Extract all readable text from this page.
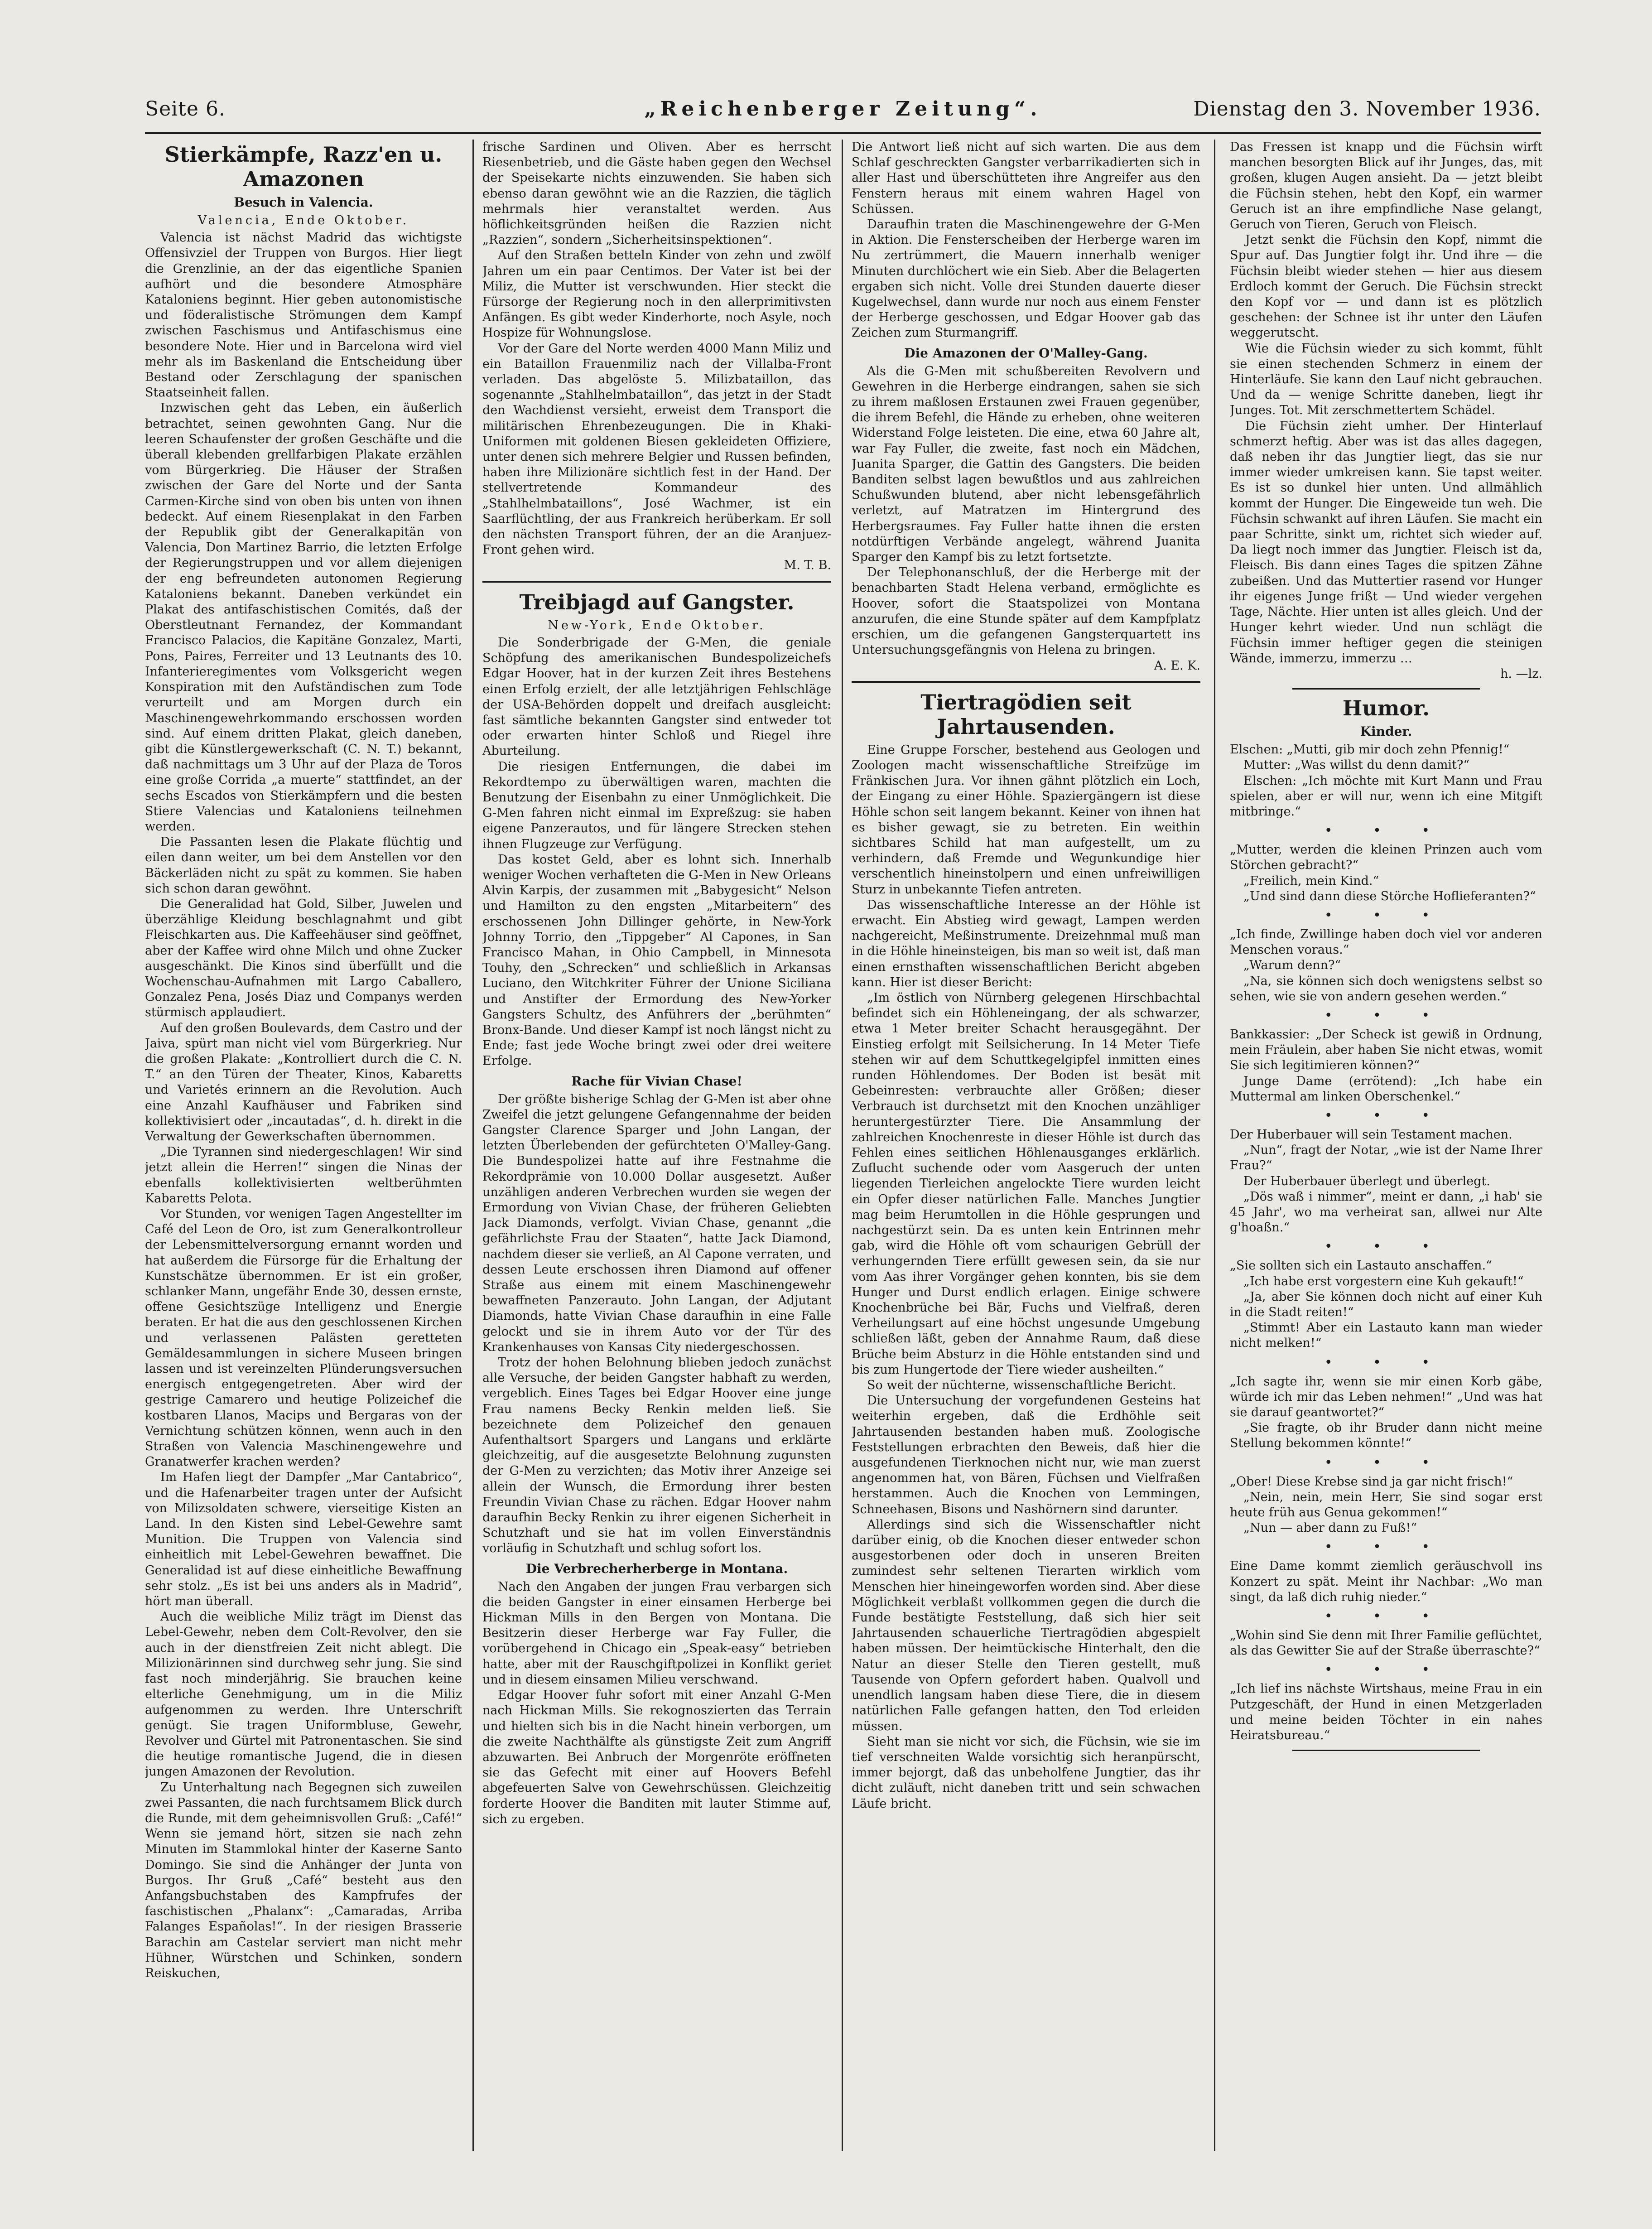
Seite 6.	„Reichenberger Zeitung“.	Dienstag den 3. November 1936.
Stierkämpfe, Razz'en u. Amazonen
Besuch in Valencia.
Valencia, Ende Oktober.

Valencia ist nächst Madrid das wichtigste Offensivziel der Truppen von Burgos. Hier liegt die Grenzlinie, an der das eigentliche Spanien aufhört und die besondere Atmosphäre Kataloniens beginnt. Hier geben autonomistische und föderalistische Strömungen dem Kampf zwischen Faschismus und Antifaschismus eine besondere Note. Hier und in Barcelona wird viel mehr als im Baskenland die Entscheidung über Bestand oder Zerschlagung der spanischen Staatseinheit fallen.

Inzwischen geht das Leben, ein äußerlich betrachtet, seinen gewohnten Gang. Nur die leeren Schaufenster der großen Geschäfte und die überall klebenden grellfarbigen Plakate erzählen vom Bürgerkrieg. Die Häuser der Straßen zwischen der Gare del Norte und der Santa Carmen-Kirche sind von oben bis unten von ihnen bedeckt. Auf einem Riesenplakat in den Farben der Republik gibt der Generalkapitän von Valencia, Don Martinez Barrio, die letzten Erfolge der Regierungstruppen und vor allem diejenigen der eng befreundeten autonomen Regierung Kataloniens bekannt. Daneben verkündet ein Plakat des antifaschistischen Comités, daß der Oberstleutnant Fernandez, der Kommandant Francisco Palacios, die Kapitäne Gonzalez, Marti, Pons, Paires, Ferreiter und 13 Leutnants des 10. Infanterieregimentes vom Volksgericht wegen Konspiration mit den Aufständischen zum Tode verurteilt und am Morgen durch ein Maschinengewehrkommando erschossen worden sind. Auf einem dritten Plakat, gleich daneben, gibt die Künstlergewerkschaft (C. N. T.) bekannt, daß nachmittags um 3 Uhr auf der Plaza de Toros eine große Corrida „a muerte“ stattfindet, an der sechs Escados von Stierkämpfern und die besten Stiere Valencias und Kataloniens teilnehmen werden.

Die Passanten lesen die Plakate flüchtig und eilen dann weiter, um bei dem Anstellen vor den Bäckerläden nicht zu spät zu kommen. Sie haben sich schon daran gewöhnt.

Die Generalidad hat Gold, Silber, Juwelen und überzählige Kleidung beschlagnahmt und gibt Fleischkarten aus. Die Kaffeehäuser sind geöffnet, aber der Kaffee wird ohne Milch und ohne Zucker ausgeschänkt. Die Kinos sind überfüllt und die Wochenschau-Aufnahmen mit Largo Caballero, Gonzalez Pena, Josés Diaz und Companys werden stürmisch applaudiert.

Auf den großen Boulevards, dem Castro und der Jaiva, spürt man nicht viel vom Bürgerkrieg. Nur die großen Plakate: „Kontrolliert durch die C. N. T.“ an den Türen der Theater, Kinos, Kabaretts und Varietés erinnern an die Revolution. Auch eine Anzahl Kaufhäuser und Fabriken sind kollektivisiert oder „incautadas“, d. h. direkt in die Verwaltung der Gewerkschaften übernommen.

„Die Tyrannen sind niedergeschlagen! Wir sind jetzt allein die Herren!“ singen die Ninas der ebenfalls kollektivisierten weltberühmten Kabaretts Pelota.

Vor Stunden, vor wenigen Tagen Angestellter im Café del Leon de Oro, ist zum Generalkontrolleur der Lebensmittelversorgung ernannt worden und hat außerdem die Fürsorge für die Erhaltung der Kunstschätze übernommen. Er ist ein großer, schlanker Mann, ungefähr Ende 30, dessen ernste, offene Gesichtszüge Intelligenz und Energie beraten. Er hat die aus den geschlossenen Kirchen und verlassenen Palästen geretteten Gemäldesammlungen in sichere Museen bringen lassen und ist vereinzelten Plünderungsversuchen energisch entgegengetreten. Aber wird der gestrige Camarero und heutige Polizeichef die kostbaren Llanos, Macips und Bergaras von der Vernichtung schützen können, wenn auch in den Straßen von Valencia Maschinengewehre und Granatwerfer krachen werden?

Im Hafen liegt der Dampfer „Mar Cantabrico“, und die Hafenarbeiter tragen unter der Aufsicht von Milizsoldaten schwere, vierseitige Kisten an Land. In den Kisten sind Lebel-Gewehre samt Munition. Die Truppen von Valencia sind einheitlich mit Lebel-Gewehren bewaffnet. Die Generalidad ist auf diese einheitliche Bewaffnung sehr stolz. „Es ist bei uns anders als in Madrid“, hört man überall.

Auch die weibliche Miliz trägt im Dienst das Lebel-Gewehr, neben dem Colt-Revolver, den sie auch in der dienstfreien Zeit nicht ablegt. Die Milizionärinnen sind durchweg sehr jung. Sie sind fast noch minderjährig. Sie brauchen keine elterliche Genehmigung, um in die Miliz aufgenommen zu werden. Ihre Unterschrift genügt. Sie tragen Uniformbluse, Gewehr, Revolver und Gürtel mit Patronentaschen. Sie sind die heutige romantische Jugend, die in diesen jungen Amazonen der Revolution.

Zu Unterhaltung nach Begegnen sich zuweilen zwei Passanten, die nach furchtsamem Blick durch die Runde, mit dem geheimnisvollen Gruß: „Café!“ Wenn sie jemand hört, sitzen sie nach zehn Minuten im Stammlokal hinter der Kaserne Santo Domingo. Sie sind die Anhänger der Junta von Burgos. Ihr Gruß „Café“ besteht aus den Anfangsbuchstaben des Kampfrufes der faschistischen „Phalanx“: „Camaradas, Arriba Falanges Españolas!“. In der riesigen Brasserie Barachin am Castelar serviert man nicht mehr Hühner, Würstchen und Schinken, sondern Reiskuchen,

frische Sardinen und Oliven. Aber es herrscht Riesenbetrieb, und die Gäste haben gegen den Wechsel der Speisekarte nichts einzuwenden. Sie haben sich ebenso daran gewöhnt wie an die Razzien, die täglich mehrmals hier veranstaltet werden. Aus höflichkeitsgründen heißen die Razzien nicht „Razzien“, sondern „Sicherheitsinspektionen“.

Auf den Straßen betteln Kinder von zehn und zwölf Jahren um ein paar Centimos. Der Vater ist bei der Miliz, die Mutter ist verschwunden. Hier steckt die Fürsorge der Regierung noch in den allerprimitivsten Anfängen. Es gibt weder Kinderhorte, noch Asyle, noch Hospize für Wohnungslose.

Vor der Gare del Norte werden 4000 Mann Miliz und ein Bataillon Frauenmiliz nach der Villalba-Front verladen. Das abgelöste 5. Milizbataillon, das sogenannte „Stahlhelmbataillon“, das jetzt in der Stadt den Wachdienst versieht, erweist dem Transport die militärischen Ehrenbezeugungen. Die in Khaki-Uniformen mit goldenen Biesen gekleideten Offiziere, unter denen sich mehrere Belgier und Russen befinden, haben ihre Milizionäre sichtlich fest in der Hand. Der stellvertretende Kommandeur des „Stahlhelmbataillons“, José Wachmer, ist ein Saarflüchtling, der aus Frankreich herüberkam. Er soll den nächsten Transport führen, der an die Aranjuez-Front gehen wird.

M. T. B.

Treibjagd auf Gangster.
New-York, Ende Oktober.

Die Sonderbrigade der G-Men, die geniale Schöpfung des amerikanischen Bundespolizeichefs Edgar Hoover, hat in der kurzen Zeit ihres Bestehens einen Erfolg erzielt, der alle letztjährigen Fehlschläge der USA-Behörden doppelt und dreifach ausgleicht: fast sämtliche bekannten Gangster sind entweder tot oder erwarten hinter Schloß und Riegel ihre Aburteilung.

Die riesigen Entfernungen, die dabei im Rekordtempo zu überwältigen waren, machten die Benutzung der Eisenbahn zu einer Unmöglichkeit. Die G-Men fahren nicht einmal im Expreßzug: sie haben eigene Panzerautos, und für längere Strecken stehen ihnen Flugzeuge zur Verfügung.

Das kostet Geld, aber es lohnt sich. Innerhalb weniger Wochen verhafteten die G-Men in New Orleans Alvin Karpis, der zusammen mit „Babygesicht“ Nelson und Hamilton zu den engsten „Mitarbeitern“ des erschossenen John Dillinger gehörte, in New-York Johnny Torrio, den „Tippgeber“ Al Capones, in San Francisco Mahan, in Ohio Campbell, in Minnesota Touhy, den „Schrecken“ und schließlich in Arkansas Luciano, den Witchkriter Führer der Unione Siciliana und Anstifter der Ermordung des New-Yorker Gangsters Schultz, des Anführers der „berühmten“ Bronx-Bande. Und dieser Kampf ist noch längst nicht zu Ende; fast jede Woche bringt zwei oder drei weitere Erfolge.

Rache für Vivian Chase!

Der größte bisherige Schlag der G-Men ist aber ohne Zweifel die jetzt gelungene Gefangennahme der beiden Gangster Clarence Sparger und John Langan, der letzten Überlebenden der gefürchteten O'Malley-Gang. Die Bundespolizei hatte auf ihre Festnahme die Rekordprämie von 10.000 Dollar ausgesetzt. Außer unzähligen anderen Verbrechen wurden sie wegen der Ermordung von Vivian Chase, der früheren Geliebten Jack Diamonds, verfolgt. Vivian Chase, genannt „die gefährlichste Frau der Staaten“, hatte Jack Diamond, nachdem dieser sie verließ, an Al Capone verraten, und dessen Leute erschossen ihren Diamond auf offener Straße aus einem mit einem Maschinengewehr bewaffneten Panzerauto. John Langan, der Adjutant Diamonds, hatte Vivian Chase daraufhin in eine Falle gelockt und sie in ihrem Auto vor der Tür des Krankenhauses von Kansas City niedergeschossen.

Trotz der hohen Belohnung blieben jedoch zunächst alle Versuche, der beiden Gangster habhaft zu werden, vergeblich. Eines Tages bei Edgar Hoover eine junge Frau namens Becky Renkin melden ließ. Sie bezeichnete dem Polizeichef den genauen Aufenthaltsort Spargers und Langans und erklärte gleichzeitig, auf die ausgesetzte Belohnung zugunsten der G-Men zu verzichten; das Motiv ihrer Anzeige sei allein der Wunsch, die Ermordung ihrer besten Freundin Vivian Chase zu rächen. Edgar Hoover nahm daraufhin Becky Renkin zu ihrer eigenen Sicherheit in Schutzhaft und sie hat im vollen Einverständnis vorläufig in Schutzhaft und schlug sofort los.

Die Verbrecherherberge in Montana.

Nach den Angaben der jungen Frau verbargen sich die beiden Gangster in einer einsamen Herberge bei Hickman Mills in den Bergen von Montana. Die Besitzerin dieser Herberge war Fay Fuller, die vorübergehend in Chicago ein „Speak-easy“ betrieben hatte, aber mit der Rauschgiftpolizei in Konflikt geriet und in diesem einsamen Milieu verschwand.

Edgar Hoover fuhr sofort mit einer Anzahl G-Men nach Hickman Mills. Sie rekognoszierten das Terrain und hielten sich bis in die Nacht hinein verborgen, um die zweite Nachthälfte als günstigste Zeit zum Angriff abzuwarten. Bei Anbruch der Morgenröte eröffneten sie das Gefecht mit einer auf Hoovers Befehl abgefeuerten Salve von Gewehrschüssen. Gleichzeitig forderte Hoover die Banditen mit lauter Stimme auf, sich zu ergeben.

Die Antwort ließ nicht auf sich warten. Die aus dem Schlaf geschreckten Gangster verbarrikadierten sich in aller Hast und überschütteten ihre Angreifer aus den Fenstern heraus mit einem wahren Hagel von Schüssen.

Daraufhin traten die Maschinengewehre der G-Men in Aktion. Die Fensterscheiben der Herberge waren im Nu zertrümmert, die Mauern innerhalb weniger Minuten durchlöchert wie ein Sieb. Aber die Belagerten ergaben sich nicht. Volle drei Stunden dauerte dieser Kugelwechsel, dann wurde nur noch aus einem Fenster der Herberge geschossen, und Edgar Hoover gab das Zeichen zum Sturmangriff.

Die Amazonen der O'Malley-Gang.

Als die G-Men mit schußbereiten Revolvern und Gewehren in die Herberge eindrangen, sahen sie sich zu ihrem maßlosen Erstaunen zwei Frauen gegenüber, die ihrem Befehl, die Hände zu erheben, ohne weiteren Widerstand Folge leisteten. Die eine, etwa 60 Jahre alt, war Fay Fuller, die zweite, fast noch ein Mädchen, Juanita Sparger, die Gattin des Gangsters. Die beiden Banditen selbst lagen bewußtlos und aus zahlreichen Schußwunden blutend, aber nicht lebensgefährlich verletzt, auf Matratzen im Hintergrund des Herbergsraumes. Fay Fuller hatte ihnen die ersten notdürftigen Verbände angelegt, während Juanita Sparger den Kampf bis zu letzt fortsetzte.

Der Telephonanschluß, der die Herberge mit der benachbarten Stadt Helena verband, ermöglichte es Hoover, sofort die Staatspolizei von Montana anzurufen, die eine Stunde später auf dem Kampfplatz erschien, um die gefangenen Gangsterquartett ins Untersuchungsgefängnis von Helena zu bringen.

A. E. K.

Tiertragödien seit Jahrtausenden.

Eine Gruppe Forscher, bestehend aus Geologen und Zoologen macht wissenschaftliche Streifzüge im Fränkischen Jura. Vor ihnen gähnt plötzlich ein Loch, der Eingang zu einer Höhle. Spaziergängern ist diese Höhle schon seit langem bekannt. Keiner von ihnen hat es bisher gewagt, sie zu betreten. Ein weithin sichtbares Schild hat man aufgestellt, um zu verhindern, daß Fremde und Wegunkundige hier verschentlich hineinstolpern und einen unfreiwilligen Sturz in unbekannte Tiefen antreten.

Das wissenschaftliche Interesse an der Höhle ist erwacht. Ein Abstieg wird gewagt, Lampen werden nachgereicht, Meßinstrumente. Dreizehnmal muß man in die Höhle hineinsteigen, bis man so weit ist, daß man einen ernsthaften wissenschaftlichen Bericht abgeben kann. Hier ist dieser Bericht:

„Im östlich von Nürnberg gelegenen Hirschbachtal befindet sich ein Höhleneingang, der als schwarzer, etwa 1 Meter breiter Schacht herausgegähnt. Der Einstieg erfolgt mit Seilsicherung. In 14 Meter Tiefe stehen wir auf dem Schuttkegelgipfel inmitten eines runden Höhlendomes. Der Boden ist besät mit Gebeinresten: verbrauchte aller Größen; dieser Verbrauch ist durchsetzt mit den Knochen unzähliger heruntergestürzter Tiere. Die Ansammlung der zahlreichen Knochenreste in dieser Höhle ist durch das Fehlen eines seitlichen Höhlenausganges erklärlich. Zuflucht suchende oder vom Aasgeruch der unten liegenden Tierleichen angelockte Tiere wurden leicht ein Opfer dieser natürlichen Falle. Manches Jungtier mag beim Herumtollen in die Höhle gesprungen und nachgestürzt sein. Da es unten kein Entrinnen mehr gab, wird die Höhle oft vom schaurigen Gebrüll der verhungernden Tiere erfüllt gewesen sein, da sie nur vom Aas ihrer Vorgänger gehen konnten, bis sie dem Hunger und Durst endlich erlagen. Einige schwere Knochenbrüche bei Bär, Fuchs und Vielfraß, deren Verheilungsart auf eine höchst ungesunde Umgebung schließen läßt, geben der Annahme Raum, daß diese Brüche beim Absturz in die Höhle entstanden sind und bis zum Hungertode der Tiere wieder ausheilten.“

So weit der nüchterne, wissenschaftliche Bericht.

Die Untersuchung der vorgefundenen Gesteins hat weiterhin ergeben, daß die Erdhöhle seit Jahrtausenden bestanden haben muß. Zoologische Feststellungen erbrachten den Beweis, daß hier die ausgefundenen Tierknochen nicht nur, wie man zuerst angenommen hat, von Bären, Füchsen und Vielfraßen herstammen. Auch die Knochen von Lemmingen, Schneehasen, Bisons und Nashörnern sind darunter.

Allerdings sind sich die Wissenschaftler nicht darüber einig, ob die Knochen dieser entweder schon ausgestorbenen oder doch in unseren Breiten zumindest sehr seltenen Tierarten wirklich vom Menschen hier hineingeworfen worden sind. Aber diese Möglichkeit verblaßt vollkommen gegen die durch die Funde bestätigte Feststellung, daß sich hier seit Jahrtausenden schauerliche Tiertragödien abgespielt haben müssen. Der heimtückische Hinterhalt, den die Natur an dieser Stelle den Tieren gestellt, muß Tausende von Opfern gefordert haben. Qualvoll und unendlich langsam haben diese Tiere, die in diesem natürlichen Falle gefangen hatten, den Tod erleiden müssen.

Sieht man sie nicht vor sich, die Füchsin, wie sie im tief verschneiten Walde vorsichtig sich heranpürscht, immer bejorgt, daß das unbeholfene Jungtier, das ihr dicht zuläuft, nicht daneben tritt und sein schwachen Läufe bricht.

Das Fressen ist knapp und die Füchsin wirft manchen besorgten Blick auf ihr Junges, das, mit großen, klugen Augen ansieht. Da — jetzt bleibt die Füchsin stehen, hebt den Kopf, ein warmer Geruch ist an ihre empfindliche Nase gelangt, Geruch von Tieren, Geruch von Fleisch.

Jetzt senkt die Füchsin den Kopf, nimmt die Spur auf. Das Jungtier folgt ihr. Und ihre — die Füchsin bleibt wieder stehen — hier aus diesem Erdloch kommt der Geruch. Die Füchsin streckt den Kopf vor — und dann ist es plötzlich geschehen: der Schnee ist ihr unter den Läufen weggerutscht.

Wie die Füchsin wieder zu sich kommt, fühlt sie einen stechenden Schmerz in einem der Hinterläufe. Sie kann den Lauf nicht gebrauchen. Und da — wenige Schritte daneben, liegt ihr Junges. Tot. Mit zerschmettertem Schädel.

Die Füchsin zieht umher. Der Hinterlauf schmerzt heftig. Aber was ist das alles dagegen, daß neben ihr das Jungtier liegt, das sie nur immer wieder umkreisen kann. Sie tapst weiter. Es ist so dunkel hier unten. Und allmählich kommt der Hunger. Die Eingeweide tun weh. Die Füchsin schwankt auf ihren Läufen. Sie macht ein paar Schritte, sinkt um, richtet sich wieder auf. Da liegt noch immer das Jungtier. Fleisch ist da, Fleisch. Bis dann eines Tages die spitzen Zähne zubeißen. Und das Muttertier rasend vor Hunger ihr eigenes Junge frißt — Und wieder vergehen Tage, Nächte. Hier unten ist alles gleich. Und der Hunger kehrt wieder. Und nun schlägt die Füchsin immer heftiger gegen die steinigen Wände, immerzu, immerzu …

h. —lz.

Humor.
Kinder.

Elschen: „Mutti, gib mir doch zehn Pfennig!“

Mutter: „Was willst du denn damit?“

Elschen: „Ich möchte mit Kurt Mann und Frau spielen, aber er will nur, wenn ich eine Mitgift mitbringe.“

• • •

„Mutter, werden die kleinen Prinzen auch vom Störchen gebracht?“

„Freilich, mein Kind.“

„Und sind dann diese Störche Hoflieferanten?“

• • •

„Ich finde, Zwillinge haben doch viel vor anderen Menschen voraus.“

„Warum denn?“

„Na, sie können sich doch wenigstens selbst so sehen, wie sie von andern gesehen werden.“

• • •

Bankkassier: „Der Scheck ist gewiß in Ordnung, mein Fräulein, aber haben Sie nicht etwas, womit Sie sich legitimieren können?“

Junge Dame (errötend): „Ich habe ein Muttermal am linken Oberschenkel.“

• • •

Der Huberbauer will sein Testament machen.

„Nun“, fragt der Notar, „wie ist der Name Ihrer Frau?“

Der Huberbauer überlegt und überlegt.

„Dös waß i nimmer“, meint er dann, „i hab' sie 45 Jahr', wo ma verheirat san, allwei nur Alte g'hoaßn.“

• • •

„Sie sollten sich ein Lastauto anschaffen.“

„Ich habe erst vorgestern eine Kuh gekauft!“

„Ja, aber Sie können doch nicht auf einer Kuh in die Stadt reiten!“

„Stimmt! Aber ein Lastauto kann man wieder nicht melken!“

• • •

„Ich sagte ihr, wenn sie mir einen Korb gäbe, würde ich mir das Leben nehmen!“ „Und was hat sie darauf geantwortet?“

„Sie fragte, ob ihr Bruder dann nicht meine Stellung bekommen könnte!“

• • •

„Ober! Diese Krebse sind ja gar nicht frisch!“

„Nein, nein, mein Herr, Sie sind sogar erst heute früh aus Genua gekommen!“

„Nun — aber dann zu Fuß!“

• • •

Eine Dame kommt ziemlich geräuschvoll ins Konzert zu spät. Meint ihr Nachbar: „Wo man singt, da laß dich ruhig nieder.“

• • •

„Wohin sind Sie denn mit Ihrer Familie geflüchtet, als das Gewitter Sie auf der Straße überraschte?“

• • •

„Ich lief ins nächste Wirtshaus, meine Frau in ein Putzgeschäft, der Hund in einen Metzgerladen und meine beiden Töchter in ein nahes Heiratsbureau.“
